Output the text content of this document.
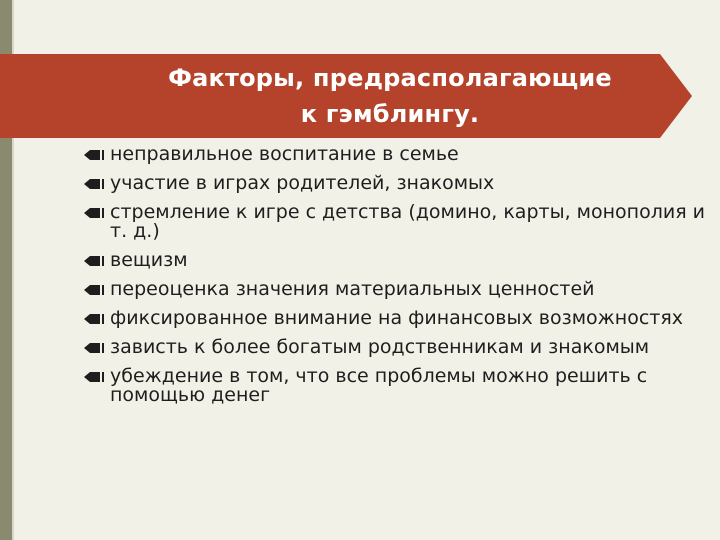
Факторы, предрасполагающие
к гэмблингу.
неправильное воспитание в семье
участие в играх родителей, знакомых
стремление к игре с детства (домино, карты, монополия и т. д.)
вещизм
переоценка значения материальных ценностей
фиксированное внимание на финансовых возможностях
зависть к более богатым родственникам и знакомым
убеждение в том, что все проблемы можно решить с помощью денег
